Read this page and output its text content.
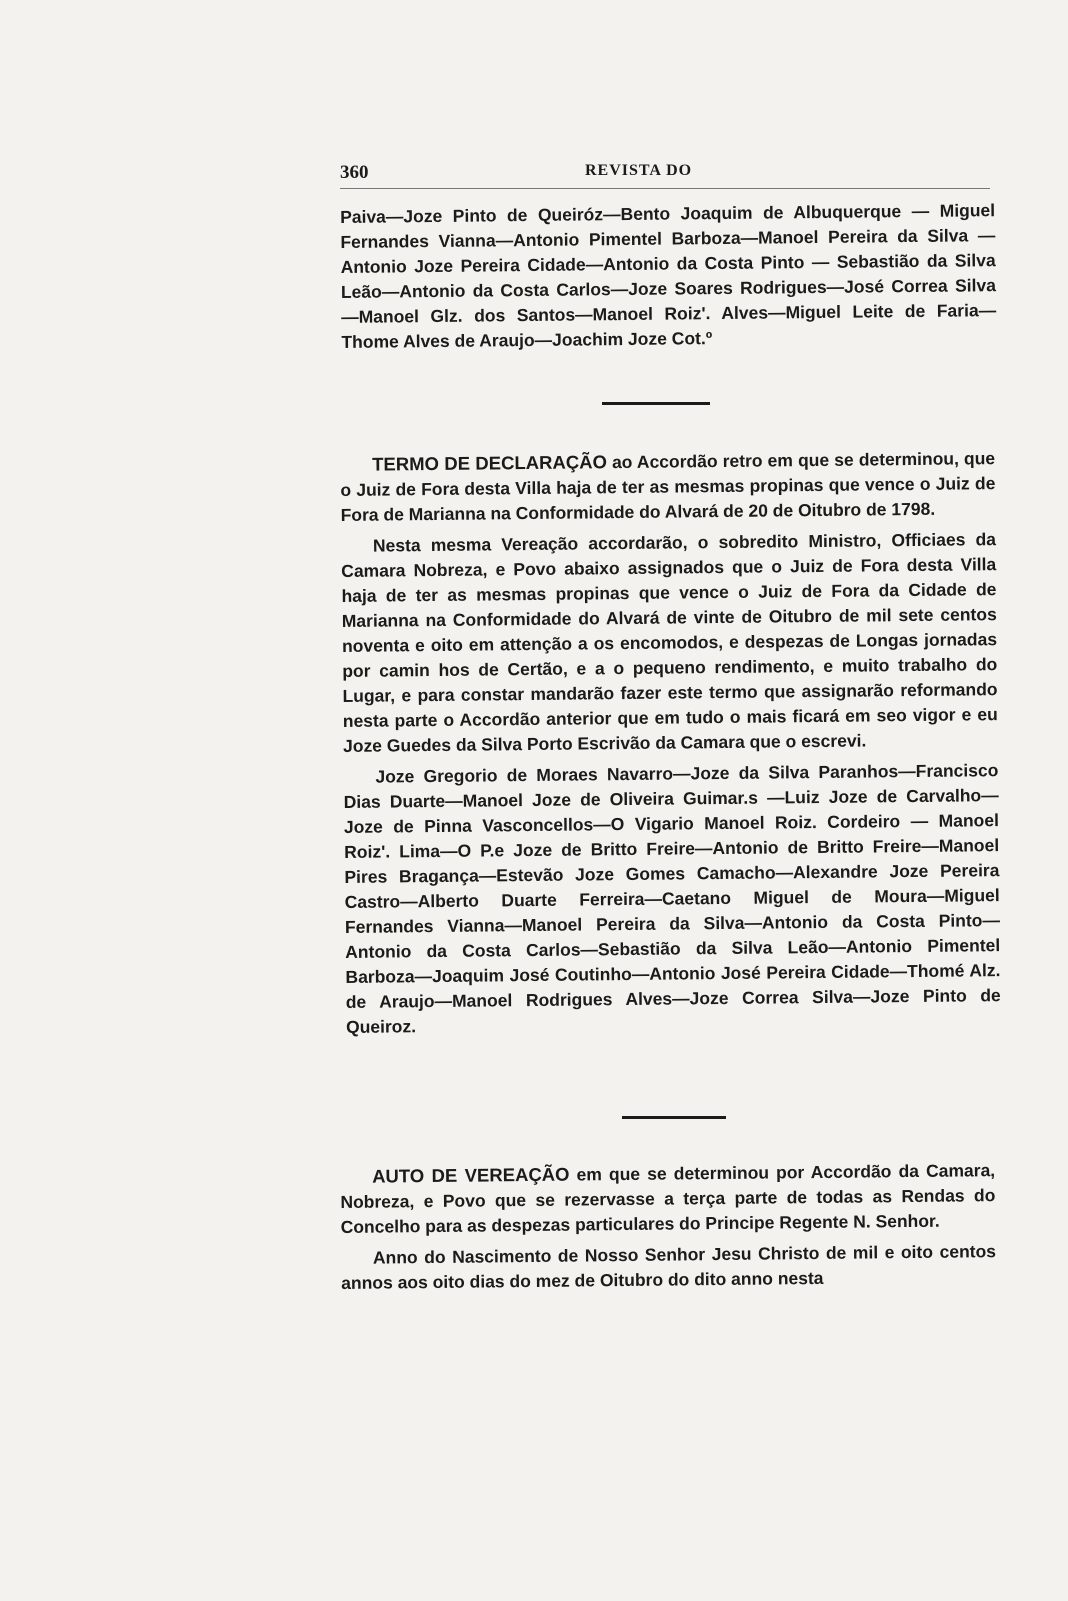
360	REVISTA DO

Paiva—Joze Pinto de Queiróz—Bento Joaquim de Albuquerque — Miguel Fernandes Vianna—Antonio Pimentel Barboza—Manoel Pereira da Silva —Antonio Joze Pereira Cidade—Antonio da Costa Pinto — Sebastião da Silva Leão—Antonio da Costa Carlos—Joze Soares Rodrigues—José Correa Silva—Manoel Glz. dos Santos—Manoel Roiz'. Alves—Miguel Leite de Faria—Thome Alves de Araujo—Joachim Joze Cot.º

TERMO DE DECLARAÇÃO ao Accordão retro em que se determinou, que o Juiz de Fora desta Villa haja de ter as mesmas propinas que vence o Juiz de Fora de Marianna na Conformidade do Alvará de 20 de Oitubro de 1798.

Nesta mesma Vereação accordarão, o sobredito Ministro, Officiaes da Camara Nobreza, e Povo abaixo assignados que o Juiz de Fora desta Villa haja de ter as mesmas propinas que vence o Juiz de Fora da Cidade de Marianna na Conformidade do Alvará de vinte de Oitubro de mil sete centos noventa e oito em attenção a os encomodos, e despezas de Longas jornadas por camin hos de Certão, e a o pequeno rendimento, e muito trabalho do Lugar, e para constar mandarão fazer este termo que assignarão reformando nesta parte o Accordão anterior que em tudo o mais ficará em seo vigor e eu Joze Guedes da Silva Porto Escrivão da Camara que o escrevi.

Joze Gregorio de Moraes Navarro—Joze da Silva Paranhos—Francisco Dias Duarte—Manoel Joze de Oliveira Guimar.s —Luiz Joze de Carvalho—Joze de Pinna Vasconcellos—O Vigario Manoel Roiz. Cordeiro — Manoel Roiz'. Lima—O P.e Joze de Britto Freire—Antonio de Britto Freire—Manoel Pires Bragança—Estevão Joze Gomes Camacho—Alexandre Joze Pereira Castro—Alberto Duarte Ferreira—Caetano Miguel de Moura—Miguel Fernandes Vianna—Manoel Pereira da Silva—Antonio da Costa Pinto—Antonio da Costa Carlos—Sebastião da Silva Leão—Antonio Pimentel Barboza—Joaquim José Coutinho—Antonio José Pereira Cidade—Thomé Alz. de Araujo—Manoel Rodrigues Alves—Joze Correa Silva—Joze Pinto de Queiroz.

AUTO DE VEREAÇÃO em que se determinou por Accordão da Camara, Nobreza, e Povo que se rezervasse a terça parte de todas as Rendas do Concelho para as despezas particulares do Principe Regente N. Senhor.

Anno do Nascimento de Nosso Senhor Jesu Christo de mil e oito centos annos aos oito dias do mez de Oitubro do dito anno nesta
